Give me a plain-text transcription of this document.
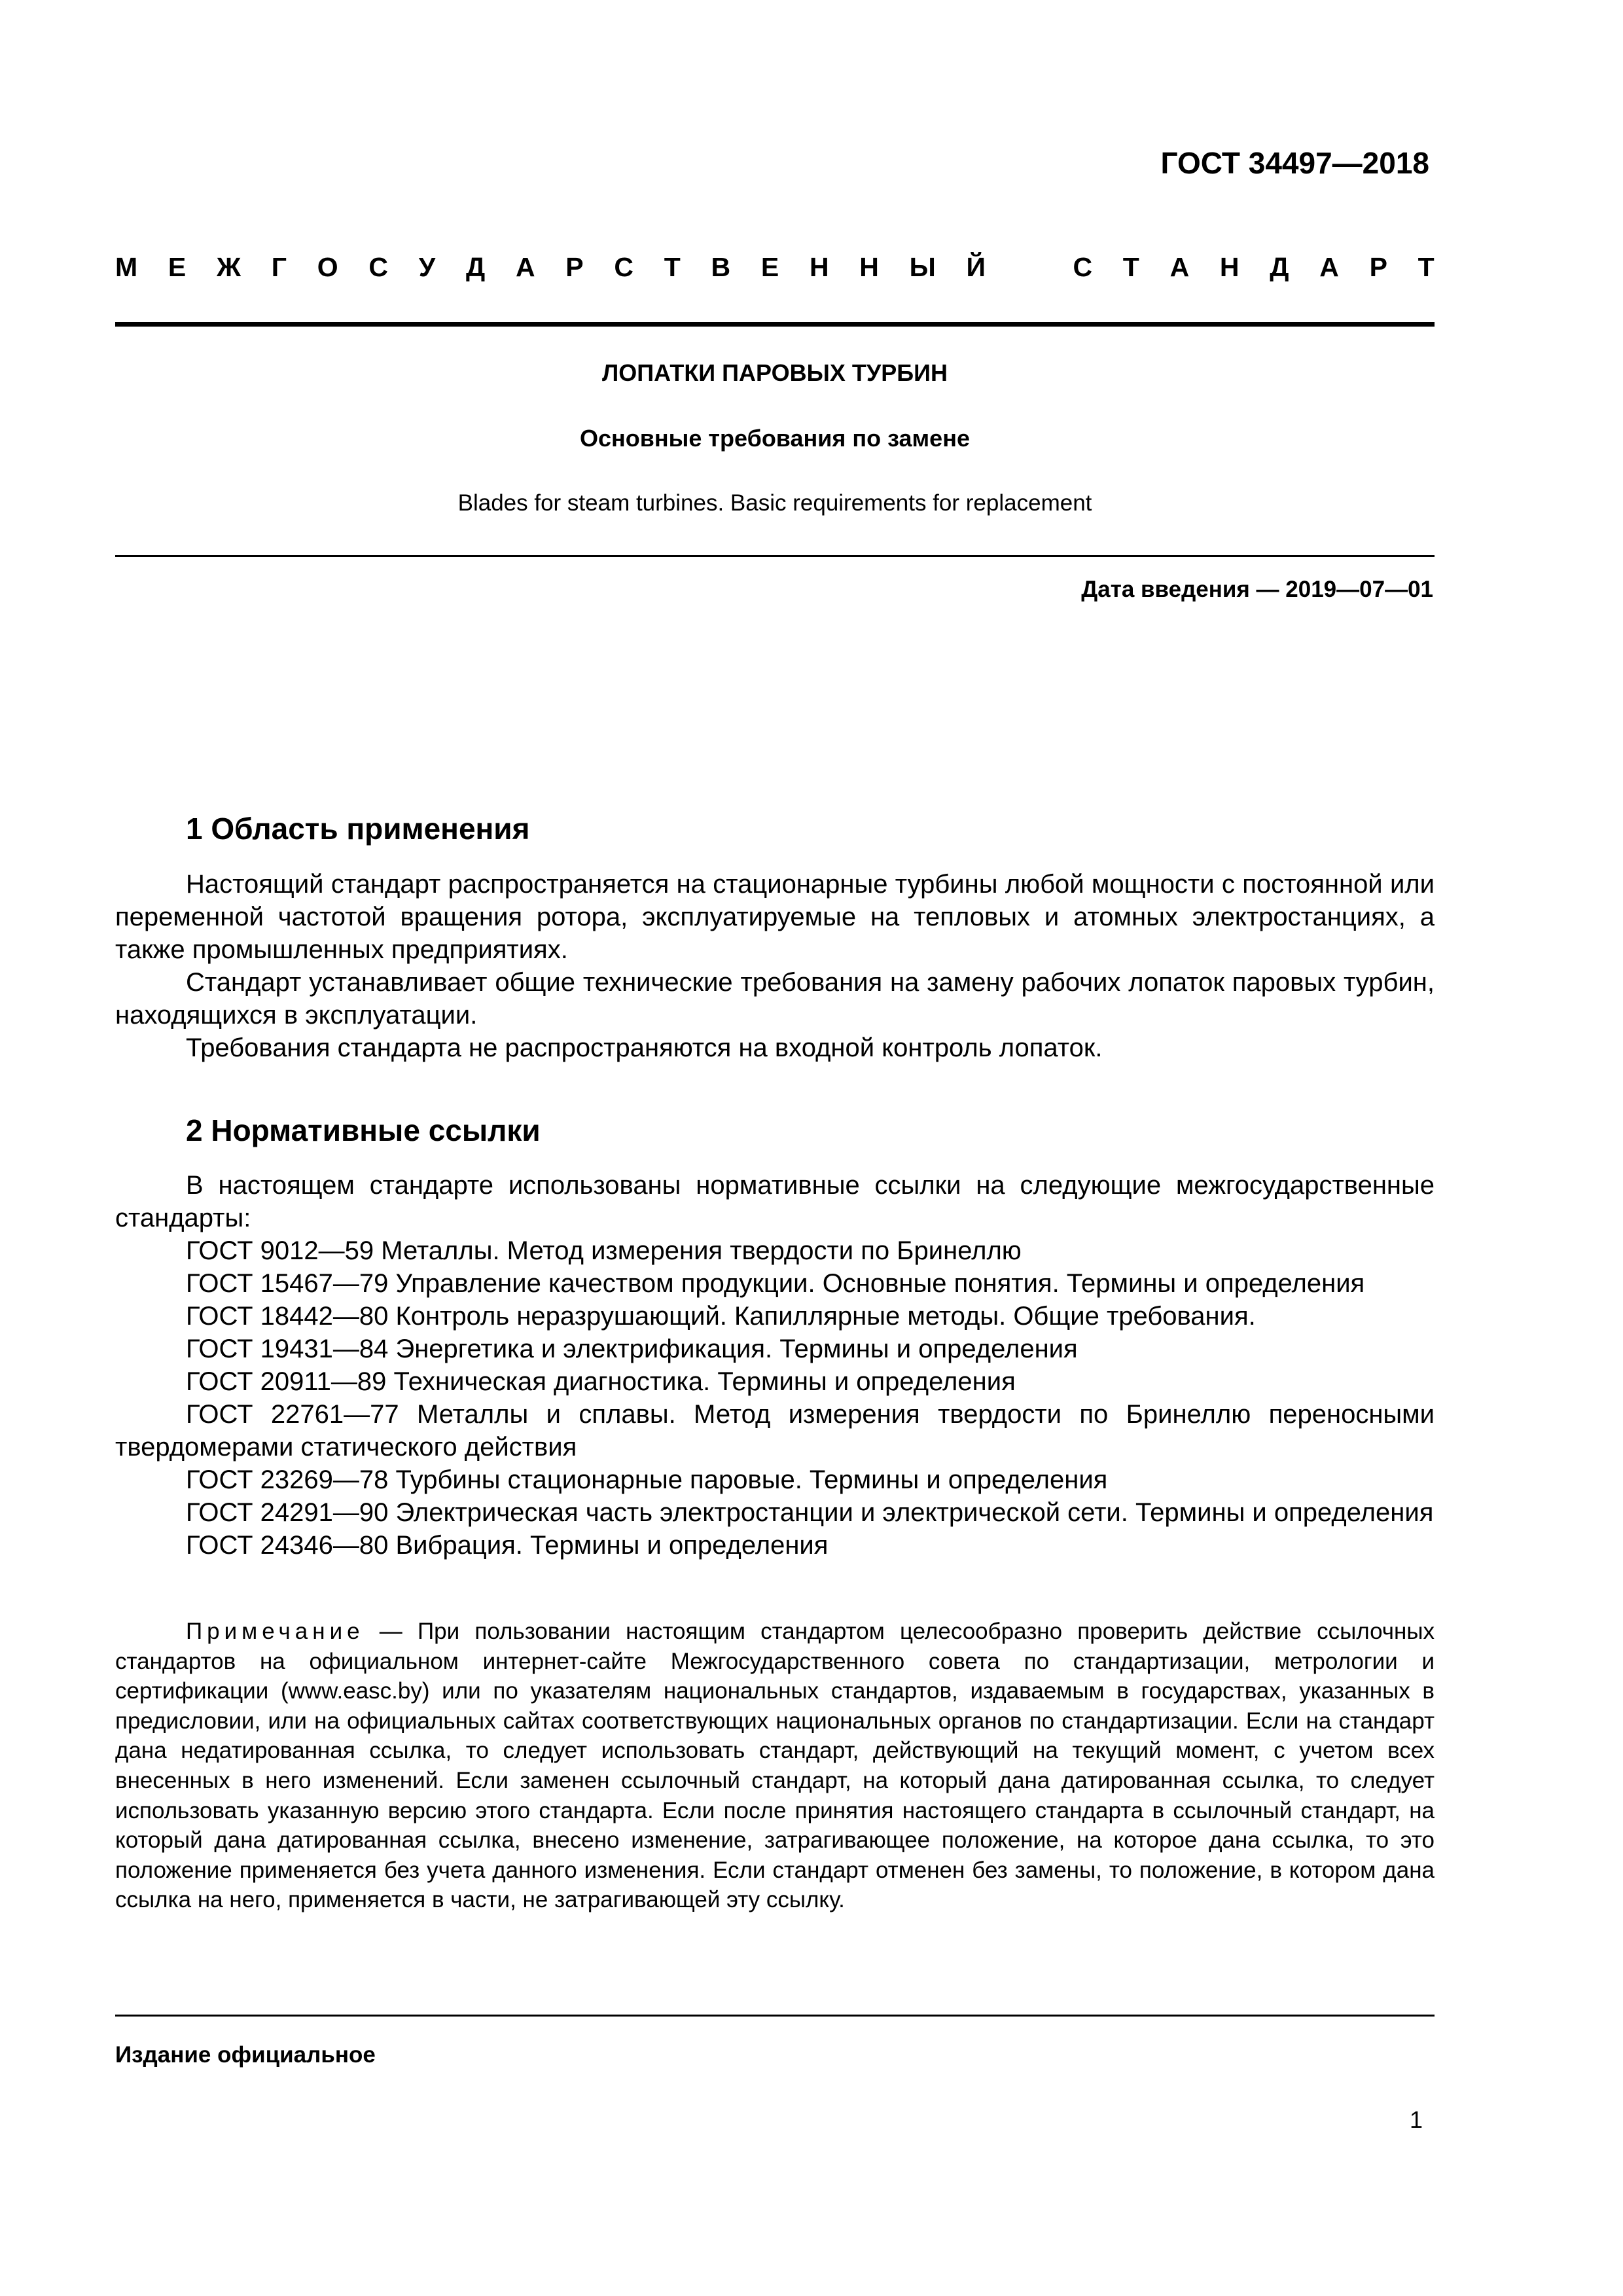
ГОСТ 34497—2018
М Е Ж Г О С У Д А Р С Т В Е Н Н Ы Й	С Т А Н Д А Р Т
ЛОПАТКИ ПАРОВЫХ ТУРБИН
Основные требования по замене
Blades for steam turbines. Basic requirements for replacement
Дата введения — 2019—07—01
1 Область применения

Настоящий стандарт распространяется на стационарные турбины любой мощности с постоянной или переменной частотой вращения ротора, эксплуатируемые на тепловых и атомных электростанциях, а также промышленных предприятиях.

Стандарт устанавливает общие технические требования на замену рабочих лопаток паровых турбин, находящихся в эксплуатации.

Требования стандарта не распространяются на входной контроль лопаток.

2 Нормативные ссылки

В настоящем стандарте использованы нормативные ссылки на следующие межгосударственные стандарты:

ГОСТ 9012—59 Металлы. Метод измерения твердости по Бринеллю

ГОСТ 15467—79 Управление качеством продукции. Основные понятия. Термины и определения

ГОСТ 18442—80 Контроль неразрушающий. Капиллярные методы. Общие требования.

ГОСТ 19431—84 Энергетика и электрификация. Термины и определения

ГОСТ 20911—89 Техническая диагностика. Термины и определения

ГОСТ 22761—77 Металлы и сплавы. Метод измерения твердости по Бринеллю переносными твердомерами статического действия

ГОСТ 23269—78 Турбины стационарные паровые. Термины и определения

ГОСТ 24291—90 Электрическая часть электростанции и электрической сети. Термины и определения

ГОСТ 24346—80 Вибрация. Термины и определения

Примечание — При пользовании настоящим стандартом целесообразно проверить действие ссылочных стандартов на официальном интернет-сайте Межгосударственного совета по стандартизации, метрологии и сертификации (www.easc.by) или по указателям национальных стандартов, издаваемым в государствах, указанных в предисловии, или на официальных сайтах соответствующих национальных органов по стандартизации. Если на стандарт дана недатированная ссылка, то следует использовать стандарт, действующий на текущий момент, с учетом всех внесенных в него изменений. Если заменен ссылочный стандарт, на который дана датированная ссылка, то следует использовать указанную версию этого стандарта. Если после принятия настоящего стандарта в ссылочный стандарт, на который дана датированная ссылка, внесено изменение, затрагивающее положение, на которое дана ссылка, то это положение применяется без учета данного изменения. Если стандарт отменен без замены, то положение, в котором дана ссылка на него, применяется в части, не затрагивающей эту ссылку.
Издание официальное
1
